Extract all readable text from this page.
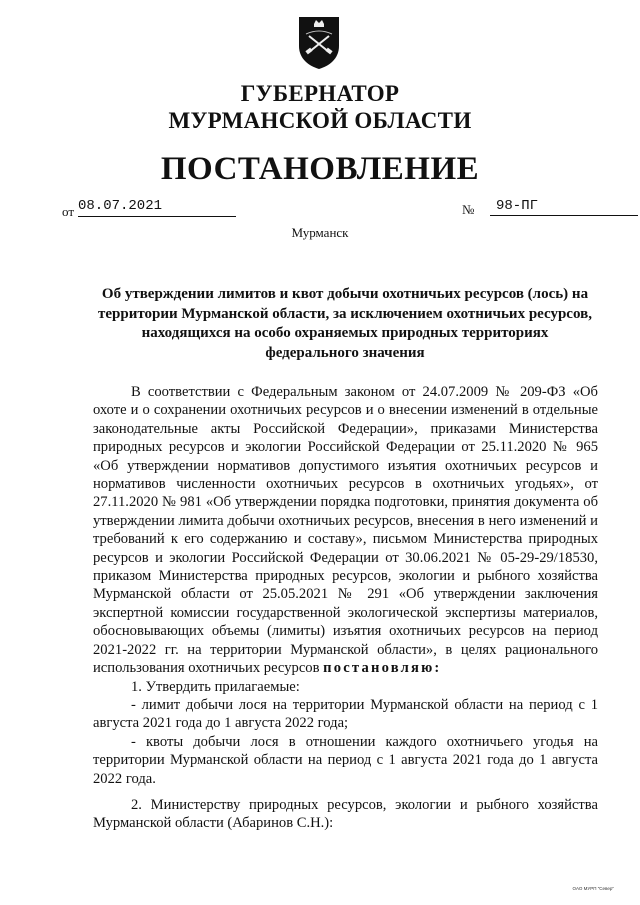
ГУБЕРНАТОР
МУРМАНСКОЙ ОБЛАСТИ
ПОСТАНОВЛЕНИЕ
от 08.07.2021	№	98-ПГ
Мурманск
Об утверждении лимитов и квот добычи охотничьих ресурсов (лось) на территории Мурманской области, за исключением охотничьих ресурсов, находящихся на особо охраняемых природных территориях федерального значения

В соответствии с Федеральным законом от 24.07.2009 № 209-ФЗ «Об охоте и о сохранении охотничьих ресурсов и о внесении изменений в отдельные законодательные акты Российской Федерации», приказами Министерства природных ресурсов и экологии Российской Федерации от 25.11.2020 № 965 «Об утверждении нормативов допустимого изъятия охотничьих ресурсов и нормативов численности охотничьих ресурсов в охотничьих угодьях», от 27.11.2020 № 981 «Об утверждении порядка подготовки, принятия документа об утверждении лимита добычи охотничьих ресурсов, внесения в него изменений и требований к его содержанию и составу», письмом Министерства природных ресурсов и экологии Российской Федерации от 30.06.2021 № 05-29-29/18530, приказом Министерства природных ресурсов, экологии и рыбного хозяйства Мурманской области от 25.05.2021 № 291 «Об утверждении заключения экспертной комиссии государственной экологической экспертизы материалов, обосновывающих объемы (лимиты) изъятия охотничьих ресурсов на период 2021-2022 гг. на территории Мурманской области», в целях рационального использования охотничьих ресурсов постановляю:

1. Утвердить прилагаемые:

- лимит добычи лося на территории Мурманской области на период с 1 августа 2021 года до 1 августа 2022 года;

- квоты добычи лося в отношении каждого охотничьего угодья на территории Мурманской области на период с 1 августа 2021 года до 1 августа 2022 года.

2. Министерству природных ресурсов, экологии и рыбного хозяйства Мурманской области (Абаринов С.Н.):

ОАО МУРП "Север"
